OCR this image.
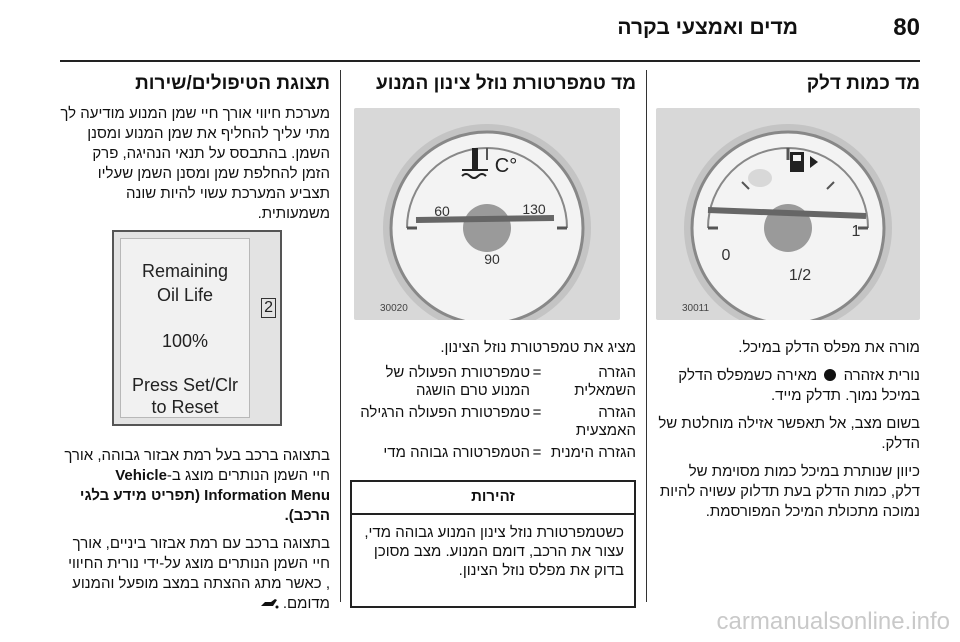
80
מדים ואמצעי בקרה
מד כמות דלק
1
1/2
0
30011

מורה את מפלס הדלק במיכל.

נורית אזהרה  מאירה כשמפלס הדלק במיכל נמוך. תדלק מייד.

בשום מצב, אל תאפשר אזילה מוחלטת של הדלק.

כיוון שנותרת במיכל כמות מסוימת של דלק, כמות הדלק בעת תדלוק עשויה להיות נמוכה מתכולת המיכל המפורסמת.

מד טמפרטורת נוזל צינון המנוע
°C
60
90
130
30020

מציג את טמפרטורת נוזל הצינון.

הגזרה השמאלית	=	טמפרטורת הפעולה של המנוע טרם הושגה
הגזרה האמצעית	=	טמפרטורת הפעולה הרגילה
הגזרה הימנית	=	הטמפרטורה גבוהה מדי
זהירות
כשטמפרטורת נוזל צינון המנוע גבוהה מדי, עצור את הרכב, דומם המנוע. מצב מסוכן בדוק את מפלס נוזל הצינון.
תצוגת הטיפולים/שירות

מערכת חיווי אורך חיי שמן המנוע מודיעה לך מתי עליך להחליף את שמן המנוע ומסנן השמן. בהתבסס על תנאי הנהיגה, פרק הזמן להחלפת שמן ומסנן השמן שעליו תצביע המערכת עשוי להיות שונה משמעותית.

Remaining
Oil Life
100%
Press Set/Clr
to Reset
2

בתצוגה ברכב בעל רמת אבזור גבוהה, אורך חיי השמן הנותרים מוצג ב-Vehicle Information Menu (תפריט מידע בלגי הרכב).

בתצוגה ברכב עם רמת אבזור ביניים, אורך חיי השמן הנותרים מוצג על-ידי נורית החיווי , כאשר מתג ההצתה במצב מופעל והמנוע מדומם.

carmanualsonline.info
